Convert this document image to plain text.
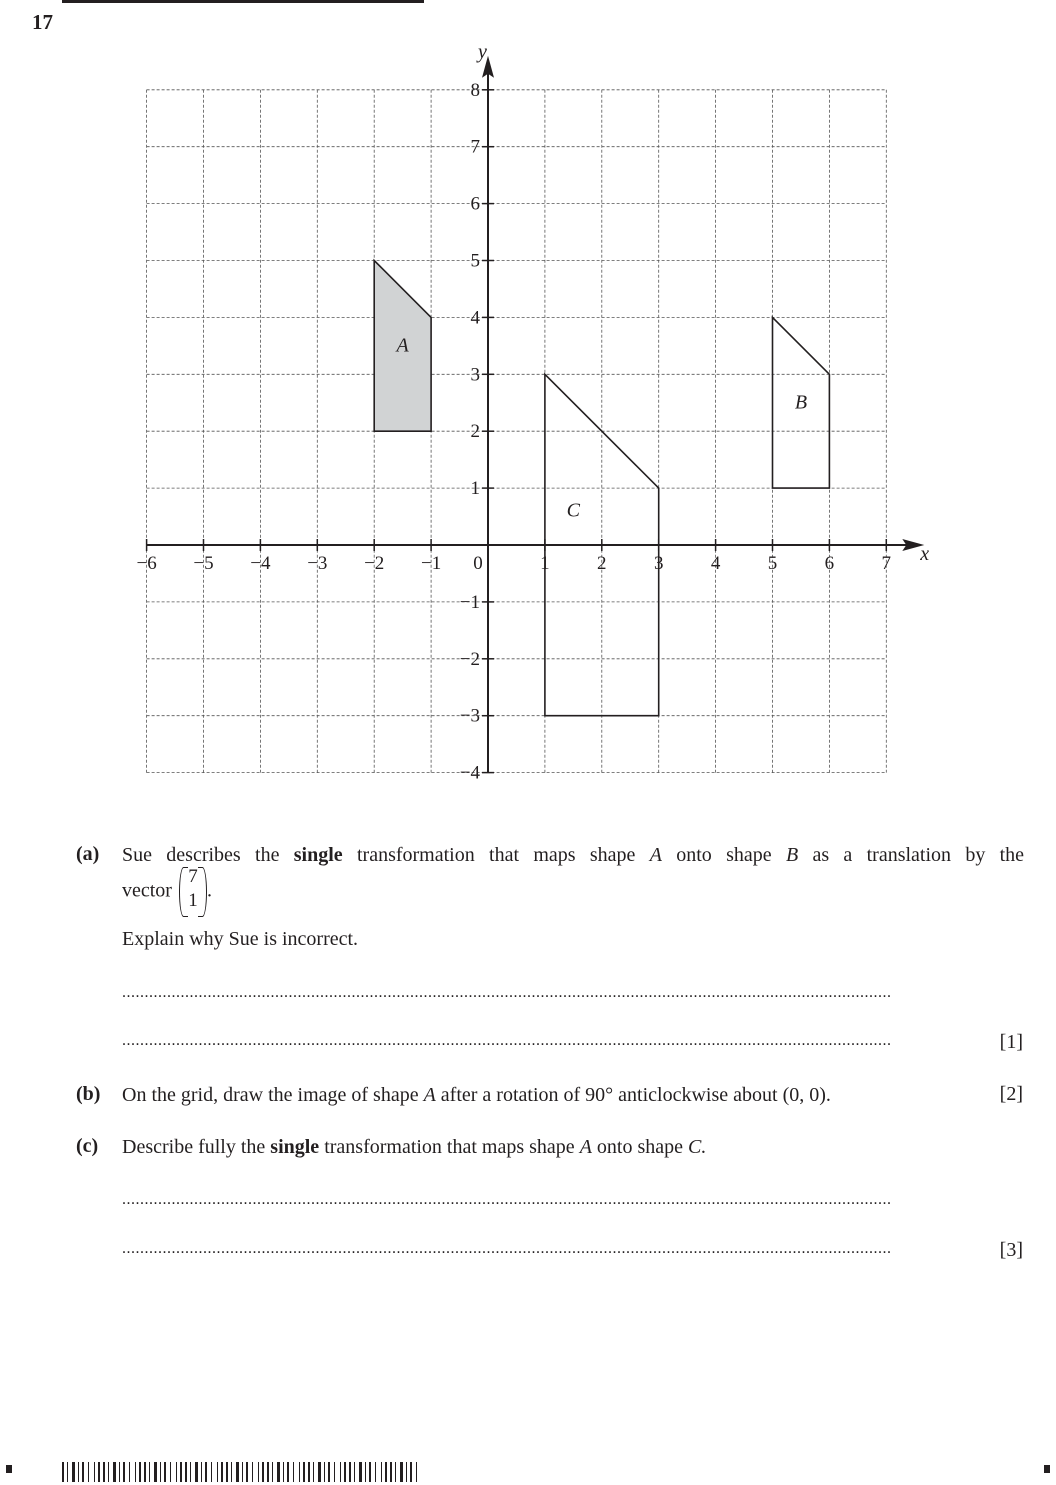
17
A
B
C
x
y
−6 −5 −4 −3 −2 −1 0	1 2 3 4 5 6 7
8
7
6
5
4
3
2
1
−1
−2
−3
−4
(a) Sue describes the single transformation that maps shape A onto shape B as a translation by the
vector
7
1 .
Explain why Sue is incorrect.
...........................................................................................................................................................................
...........................................................................................................................................................................	[1]
(b) On the grid, draw the image of shape A after a rotation of 90° anticlockwise about (0, 0).	[2]
(c) Describe fully the single transformation that maps shape A onto shape C.
...........................................................................................................................................................................
...........................................................................................................................................................................	[3]
